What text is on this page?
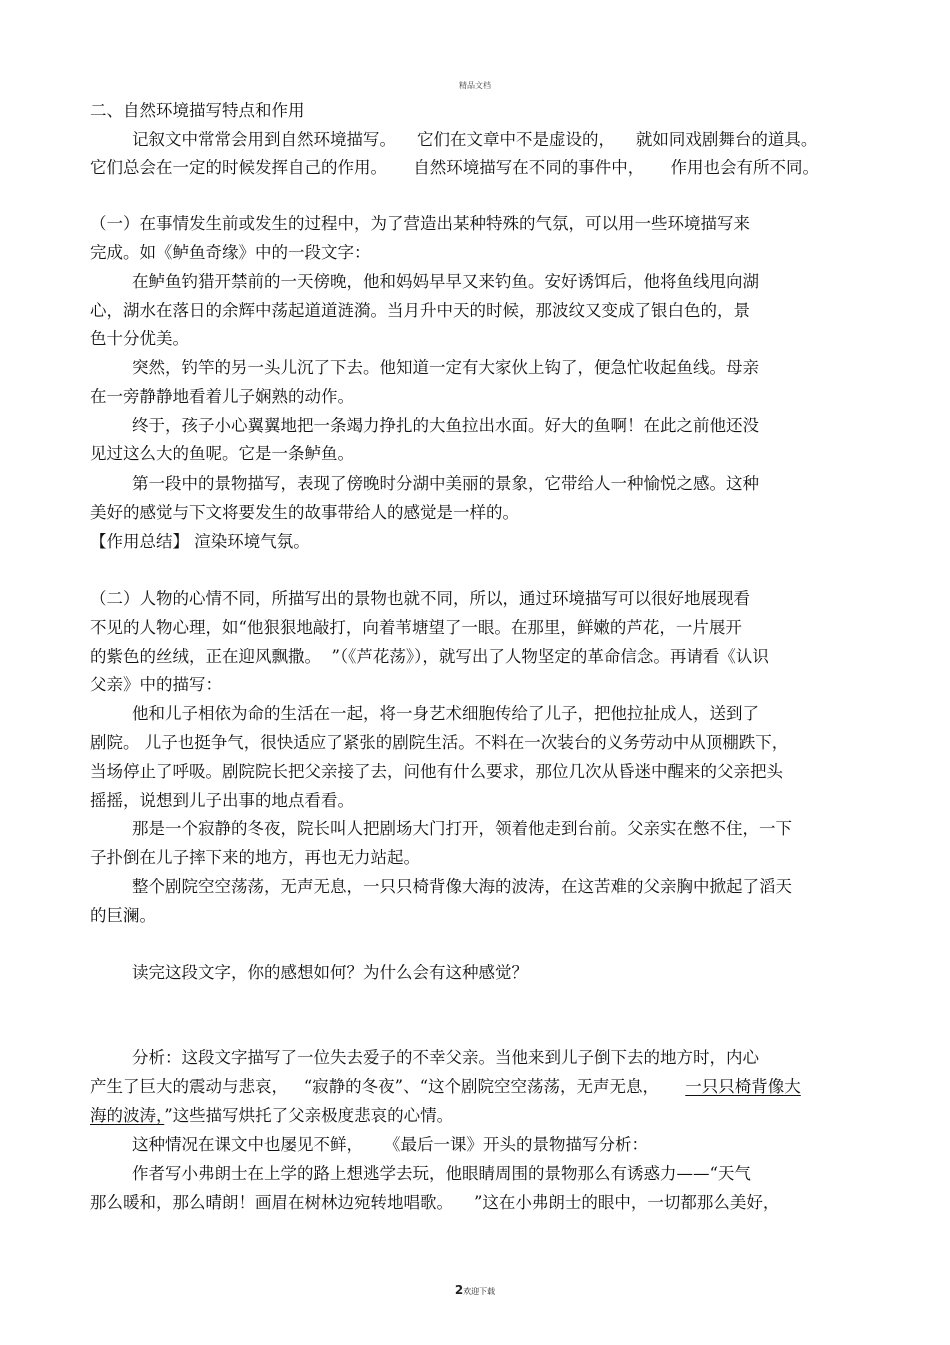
精品文档
二、自然环境描写特点和作用
记叙文中常常会用到自然环境描写。    它们在文章中不是虚设的，    就如同戏剧舞台的道具。
它们总会在一定的时候发挥自己的作用。     自然环境描写在不同的事件中，     作用也会有所不同。
（一）在事情发生前或发生的过程中，为了营造出某种特殊的气氛，可以用一些环境描写来
完成。如《鲈鱼奇缘》中的一段文字：
在鲈鱼钓猎开禁前的一天傍晚，他和妈妈早早又来钓鱼。安好诱饵后，他将鱼线甩向湖
心，湖水在落日的余辉中荡起道道涟漪。当月升中天的时候，那波纹又变成了银白色的，景
色十分优美。
突然，钓竿的另一头儿沉了下去。他知道一定有大家伙上钩了，便急忙收起鱼线。母亲
在一旁静静地看着儿子娴熟的动作。
终于，孩子小心翼翼地把一条竭力挣扎的大鱼拉出水面。好大的鱼啊！在此之前他还没
见过这么大的鱼呢。它是一条鲈鱼。
第一段中的景物描写，表现了傍晚时分湖中美丽的景象，它带给人一种愉悦之感。这种
美好的感觉与下文将要发生的故事带给人的感觉是一样的。
【作用总结】 渲染环境气氛。
（二）人物的心情不同，所描写出的景物也就不同，所以，通过环境描写可以很好地展现看
不见的人物心理，如“他狠狠地敲打，向着苇塘望了一眼。在那里，鲜嫩的芦花，一片展开
的紫色的丝绒，正在迎风飘撒。  ”（《芦花荡》），就写出了人物坚定的革命信念。再请看《认识
父亲》中的描写：
他和儿子相依为命的生活在一起，将一身艺术细胞传给了儿子，把他拉扯成人，送到了
剧院。 儿子也挺争气，很快适应了紧张的剧院生活。不料在一次装台的义务劳动中从顶棚跌下，
当场停止了呼吸。剧院院长把父亲接了去，问他有什么要求，那位几次从昏迷中醒来的父亲把头
摇摇，说想到儿子出事的地点看看。
那是一个寂静的冬夜，院长叫人把剧场大门打开，领着他走到台前。父亲实在憋不住，一下
子扑倒在儿子摔下来的地方，再也无力站起。
整个剧院空空荡荡，无声无息，一只只椅背像大海的波涛，在这苦难的父亲胸中掀起了滔天
的巨澜。
读完这段文字，你的感想如何？为什么会有这种感觉？
分析：这段文字描写了一位失去爱子的不幸父亲。当他来到儿子倒下去的地方时，内心
产生了巨大的震动与悲哀，   “寂静的冬夜”、“这个剧院空空荡荡，无声无息，     一只只椅背像大
海的波涛，”这些描写烘托了父亲极度悲哀的心情。
这种情况在课文中也屡见不鲜，    《最后一课》开头的景物描写分析：
作者写小弗朗士在上学的路上想逃学去玩，他眼睛周围的景物那么有诱惑力——“天气
那么暖和，那么晴朗！画眉在树林边宛转地唱歌。    ”这在小弗朗士的眼中，一切都那么美好，
2欢迎下载
